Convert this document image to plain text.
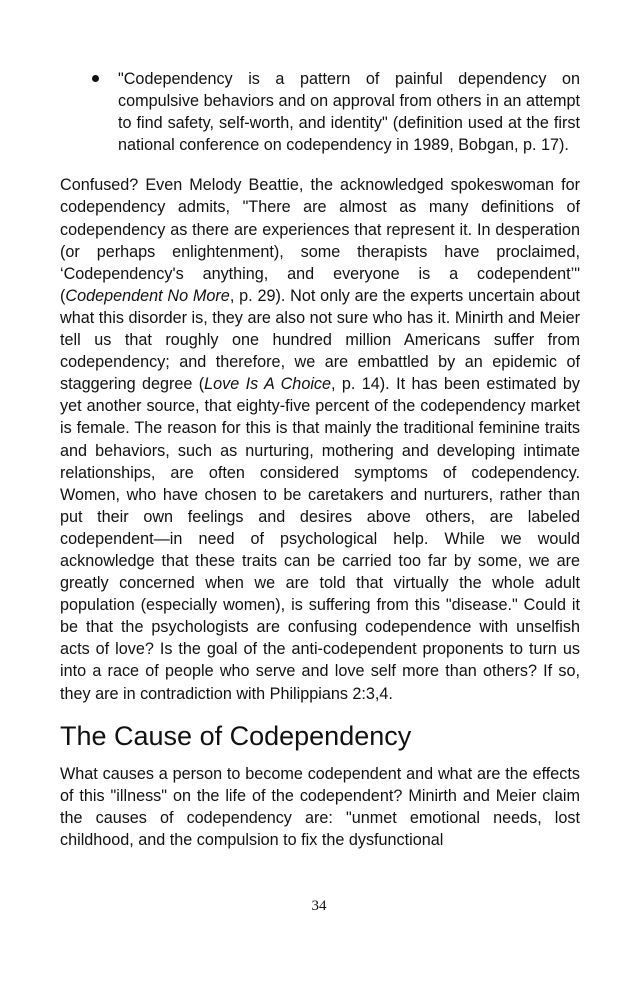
"Codependency is a pattern of painful dependency on compulsive behaviors and on approval from others in an attempt to find safety, self-worth, and identity" (definition used at the first national conference on codependency in 1989, Bobgan, p. 17).

Confused? Even Melody Beattie, the acknowledged spokeswoman for codependency admits, "There are almost as many definitions of codependency as there are experiences that represent it. In desperation (or perhaps enlightenment), some therapists have proclaimed, ‘Codependency's anything, and everyone is a codependent’" (Codependent No More, p. 29). Not only are the experts uncertain about what this disorder is, they are also not sure who has it. Minirth and Meier tell us that roughly one hundred million Americans suffer from codependency; and therefore, we are embattled by an epidemic of staggering degree (Love Is A Choice, p. 14). It has been estimated by yet another source, that eighty-five percent of the codependency market is female. The reason for this is that mainly the traditional feminine traits and behaviors, such as nurturing, mothering and developing intimate relationships, are often considered symptoms of codependency. Women, who have chosen to be caretakers and nurturers, rather than put their own feelings and desires above others, are labeled codependent—in need of psychological help. While we would acknowledge that these traits can be carried too far by some, we are greatly concerned when we are told that virtually the whole adult population (especially women), is suffering from this "disease." Could it be that the psychologists are confusing codependence with unselfish acts of love? Is the goal of the anti-codependent proponents to turn us into a race of people who serve and love self more than others? If so, they are in contradiction with Philippians 2:3,4.

The Cause of Codependency

What causes a person to become codependent and what are the effects of this "illness" on the life of the codependent? Minirth and Meier claim the causes of codependency are: "unmet emotional needs, lost childhood, and the compulsion to fix the dysfunctional

34
